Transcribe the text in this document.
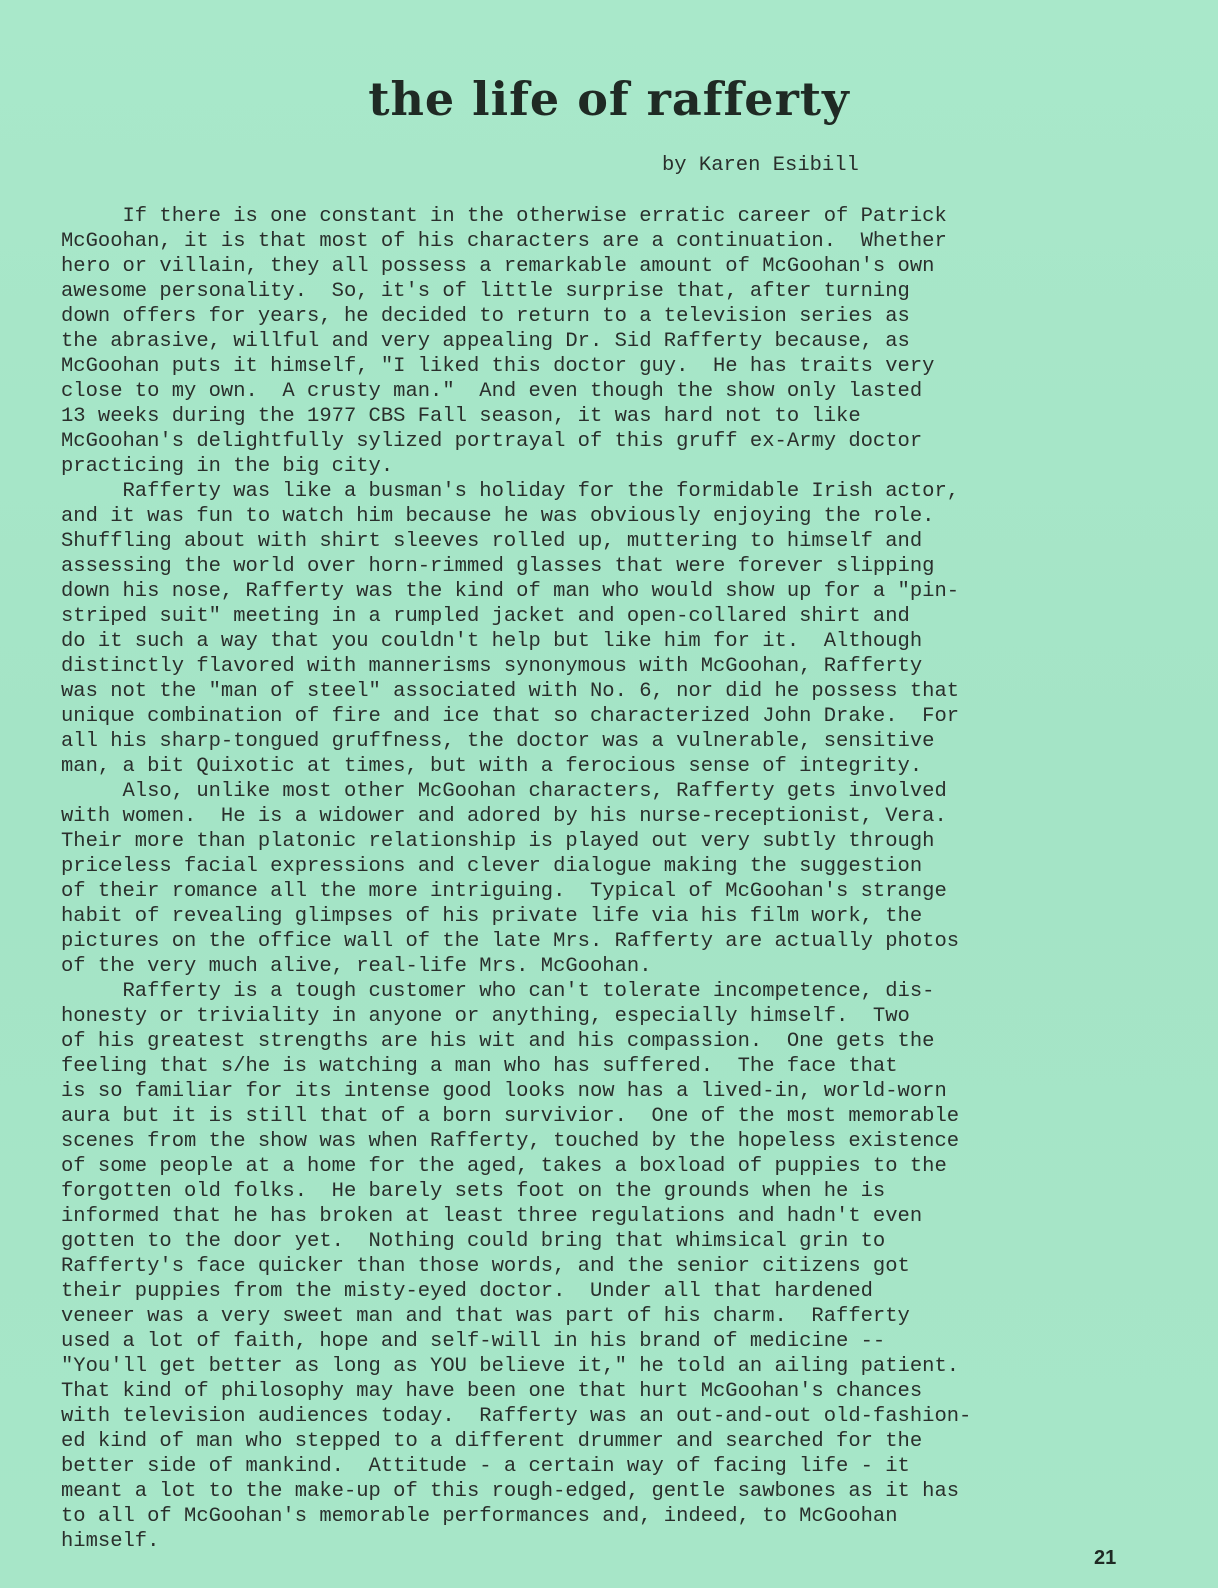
the life of rafferty
by Karen Esibill
If there is one constant in the otherwise erratic career of Patrick
McGoohan, it is that most of his characters are a continuation.  Whether
hero or villain, they all possess a remarkable amount of McGoohan's own
awesome personality.  So, it's of little surprise that, after turning
down offers for years, he decided to return to a television series as
the abrasive, willful and very appealing Dr. Sid Rafferty because, as
McGoohan puts it himself, "I liked this doctor guy.  He has traits very
close to my own.  A crusty man."  And even though the show only lasted
13 weeks during the 1977 CBS Fall season, it was hard not to like
McGoohan's delightfully sylized portrayal of this gruff ex-Army doctor
practicing in the big city.
Rafferty was like a busman's holiday for the formidable Irish actor,
and it was fun to watch him because he was obviously enjoying the role.
Shuffling about with shirt sleeves rolled up, muttering to himself and
assessing the world over horn-rimmed glasses that were forever slipping
down his nose, Rafferty was the kind of man who would show up for a "pin-
striped suit" meeting in a rumpled jacket and open-collared shirt and
do it such a way that you couldn't help but like him for it.  Although
distinctly flavored with mannerisms synonymous with McGoohan, Rafferty
was not the "man of steel" associated with No. 6, nor did he possess that
unique combination of fire and ice that so characterized John Drake.  For
all his sharp-tongued gruffness, the doctor was a vulnerable, sensitive
man, a bit Quixotic at times, but with a ferocious sense of integrity.
Also, unlike most other McGoohan characters, Rafferty gets involved
with women.  He is a widower and adored by his nurse-receptionist, Vera.
Their more than platonic relationship is played out very subtly through
priceless facial expressions and clever dialogue making the suggestion
of their romance all the more intriguing.  Typical of McGoohan's strange
habit of revealing glimpses of his private life via his film work, the
pictures on the office wall of the late Mrs. Rafferty are actually photos
of the very much alive, real-life Mrs. McGoohan.
Rafferty is a tough customer who can't tolerate incompetence, dis-
honesty or triviality in anyone or anything, especially himself.  Two
of his greatest strengths are his wit and his compassion.  One gets the
feeling that s/he is watching a man who has suffered.  The face that
is so familiar for its intense good looks now has a lived-in, world-worn
aura but it is still that of a born survivior.  One of the most memorable
scenes from the show was when Rafferty, touched by the hopeless existence
of some people at a home for the aged, takes a boxload of puppies to the
forgotten old folks.  He barely sets foot on the grounds when he is
informed that he has broken at least three regulations and hadn't even
gotten to the door yet.  Nothing could bring that whimsical grin to
Rafferty's face quicker than those words, and the senior citizens got
their puppies from the misty-eyed doctor.  Under all that hardened
veneer was a very sweet man and that was part of his charm.  Rafferty
used a lot of faith, hope and self-will in his brand of medicine --
"You'll get better as long as YOU believe it," he told an ailing patient.
That kind of philosophy may have been one that hurt McGoohan's chances
with television audiences today.  Rafferty was an out-and-out old-fashion-
ed kind of man who stepped to a different drummer and searched for the
better side of mankind.  Attitude - a certain way of facing life - it
meant a lot to the make-up of this rough-edged, gentle sawbones as it has
to all of McGoohan's memorable performances and, indeed, to McGoohan
himself.
21
